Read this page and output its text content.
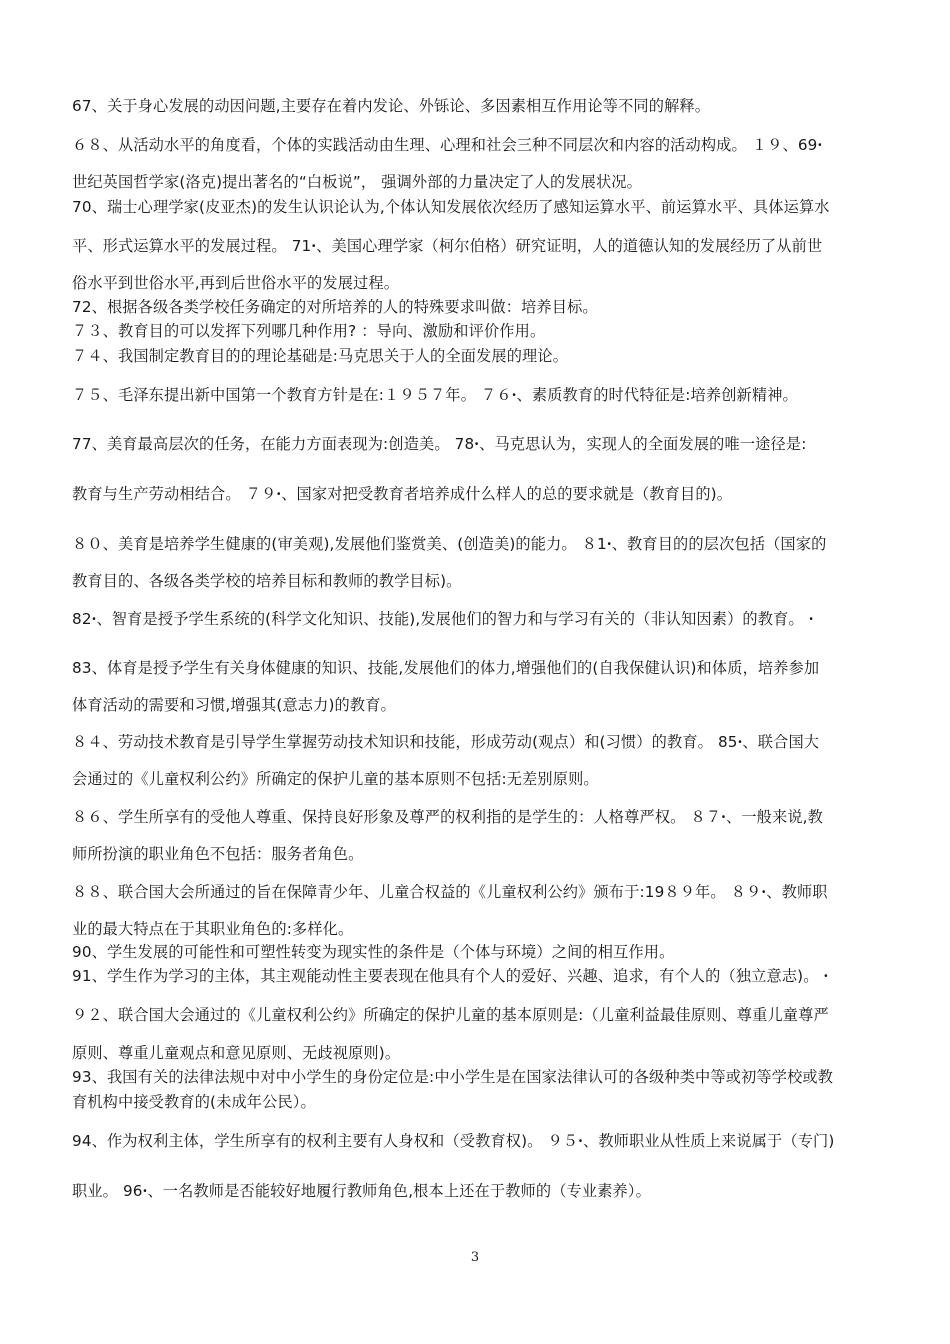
67、关于身心发展的动因问题,主要存在着内发论、外铄论、多因素相互作用论等不同的解释。
６８、从活动水平的角度看，个体的实践活动由生理、心理和社会三种不同层次和内容的活动构成。 １９、69ꞏ
世纪英国哲学家(洛克)提出著名的“白板说”， 强调外部的力量决定了人的发展状况。
70、瑞士心理学家(皮亚杰)的发生认识论认为,个体认知发展依次经历了感知运算水平、前运算水平、具体运算水
平、形式运算水平的发展过程。 71ꞏ、美国心理学家（柯尔伯格）研究证明，人的道德认知的发展经历了从前世
俗水平到世俗水平,再到后世俗水平的发展过程。
72、根据各级各类学校任务确定的对所培养的人的特殊要求叫做：培养目标。
７３、教育目的可以发挥下列哪几种作用? ：导向、激励和评价作用。
７４、我国制定教育目的的理论基础是:马克思关于人的全面发展的理论。
７５、毛泽东提出新中国第一个教育方针是在:１９５７年。 ７６ꞏ、素质教育的时代特征是:培养创新精神。
77、美育最高层次的任务，在能力方面表现为:创造美。 78ꞏ、马克思认为，实现人的全面发展的唯一途径是:
教育与生产劳动相结合。 ７９ꞏ、国家对把受教育者培养成什么样人的总的要求就是（教育目的)。
８０、美育是培养学生健康的(审美观),发展他们鉴赏美、(创造美)的能力。 ８1ꞏ、教育目的的层次包括（国家的
教育目的、各级各类学校的培养目标和教师的教学目标)。
82ꞏ、智育是授予学生系统的(科学文化知识、技能),发展他们的智力和与学习有关的（非认知因素）的教育。 ꞏ
83、体育是授予学生有关身体健康的知识、技能,发展他们的体力,增强他们的(自我保健认识)和体质，培养参加
体育活动的需要和习惯,增强其(意志力)的教育。
８４、劳动技术教育是引导学生掌握劳动技术知识和技能，形成劳动(观点）和(习惯）的教育。 85ꞏ、联合国大
会通过的《儿童权利公约》所确定的保护儿童的基本原则不包括:无差别原则。
８６、学生所享有的受他人尊重、保持良好形象及尊严的权利指的是学生的：人格尊严权。 ８７ꞏ、一般来说,教
师所扮演的职业角色不包括：服务者角色。
８８、联合国大会所通过的旨在保障青少年、儿童合权益的《儿童权利公约》颁布于:19８９年。 ８９ꞏ、教师职
业的最大特点在于其职业角色的:多样化。
90、学生发展的可能性和可塑性转变为现实性的条件是（个体与环境）之间的相互作用。
91、学生作为学习的主体，其主观能动性主要表现在他具有个人的爱好、兴趣、追求，有个人的（独立意志)。 ꞏ
９２、联合国大会通过的《儿童权利公约》所确定的保护儿童的基本原则是:（儿童利益最佳原则、尊重儿童尊严
原则、尊重儿童观点和意见原则、无歧视原则)。
93、我国有关的法律法规中对中小学生的身份定位是:中小学生是在国家法律认可的各级种类中等或初等学校或教
育机构中接受教育的(未成年公民）。
94、作为权利主体，学生所享有的权利主要有人身权和（受教育权)。 ９５ꞏ、教师职业从性质上来说属于（专门)
职业。 96ꞏ、一名教师是否能较好地履行教师角色,根本上还在于教师的（专业素养）。
3
